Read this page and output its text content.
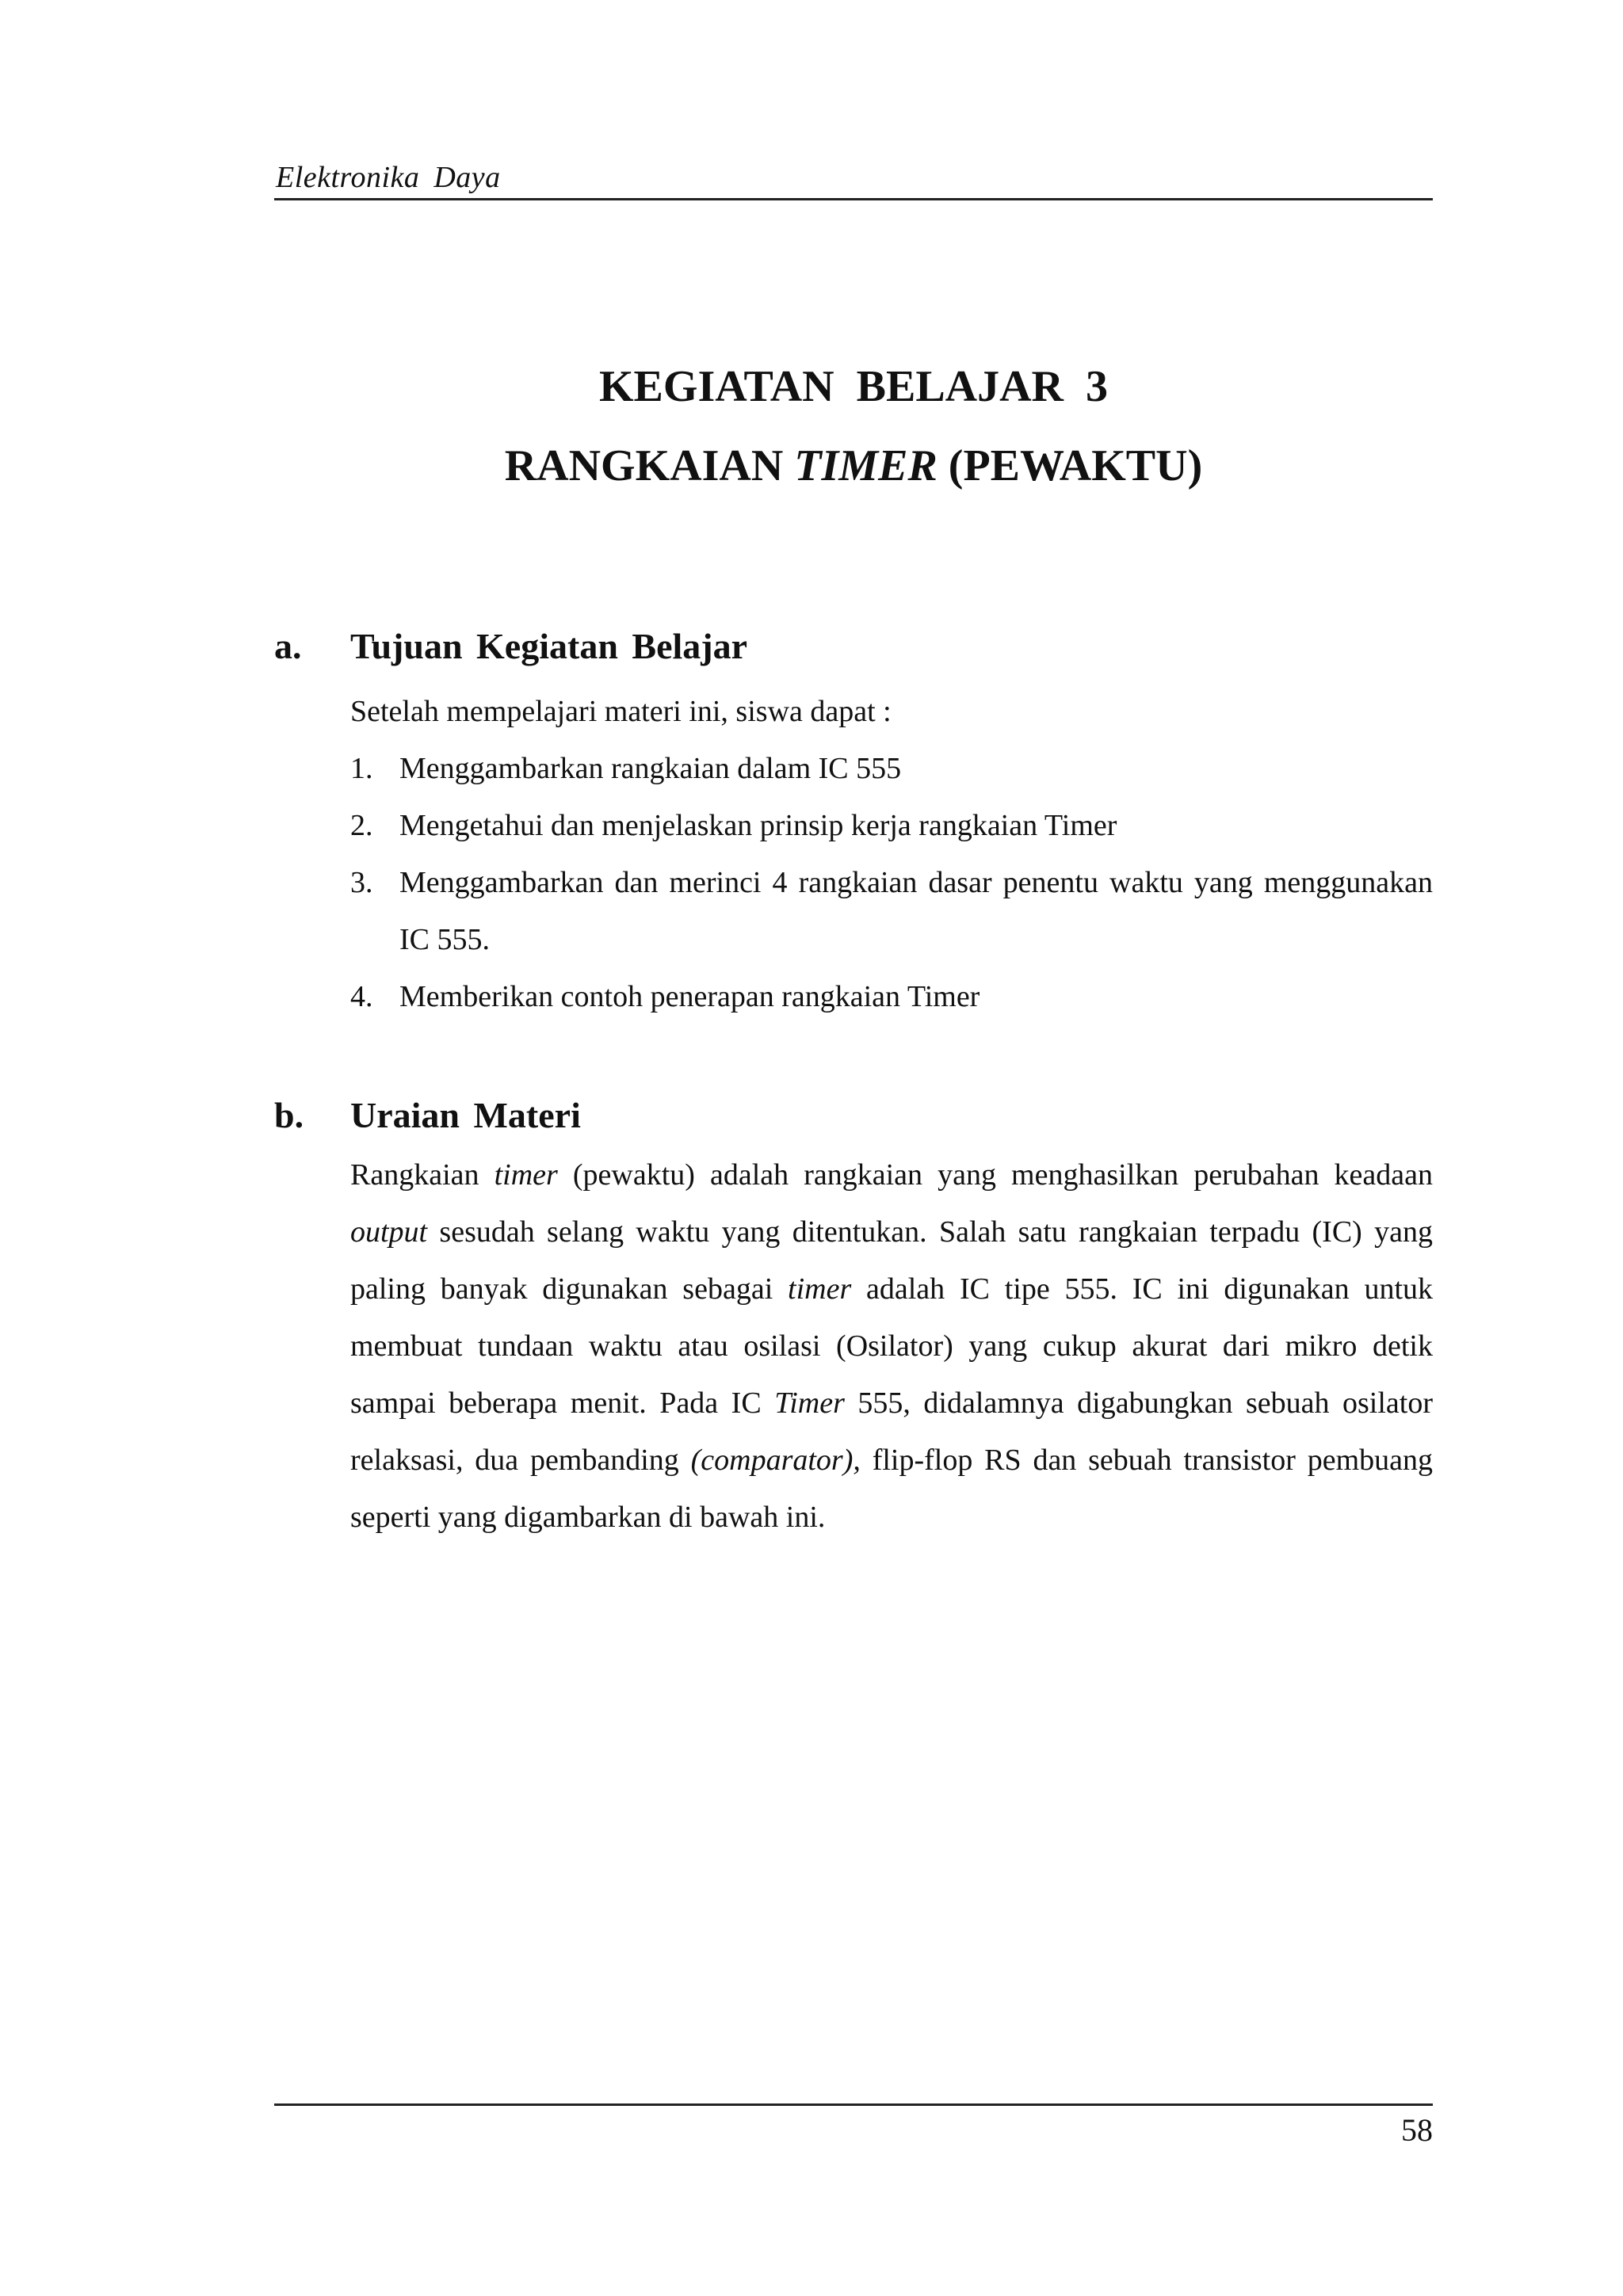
Elektronika Daya
KEGIATAN BELAJAR 3
RANGKAIAN TIMER (PEWAKTU)
a. Tujuan Kegiatan Belajar
Setelah mempelajari materi ini, siswa dapat :
1. Menggambarkan rangkaian dalam IC 555
2. Mengetahui dan menjelaskan prinsip kerja rangkaian Timer
3. Menggambarkan dan merinci 4 rangkaian dasar penentu waktu yang menggunakan IC 555.
4. Memberikan contoh penerapan rangkaian Timer
b. Uraian Materi
Rangkaian timer (pewaktu) adalah rangkaian yang menghasilkan perubahan keadaan output sesudah selang waktu yang ditentukan. Salah satu rangkaian terpadu (IC) yang paling banyak digunakan sebagai timer adalah IC tipe 555. IC ini digunakan untuk membuat tundaan waktu atau osilasi (Osilator) yang cukup akurat dari mikro detik sampai beberapa menit. Pada IC Timer 555, didalamnya digabungkan sebuah osilator relaksasi, dua pembanding (comparator), flip-flop RS dan sebuah transistor pembuang seperti yang digambarkan di bawah ini.
58
